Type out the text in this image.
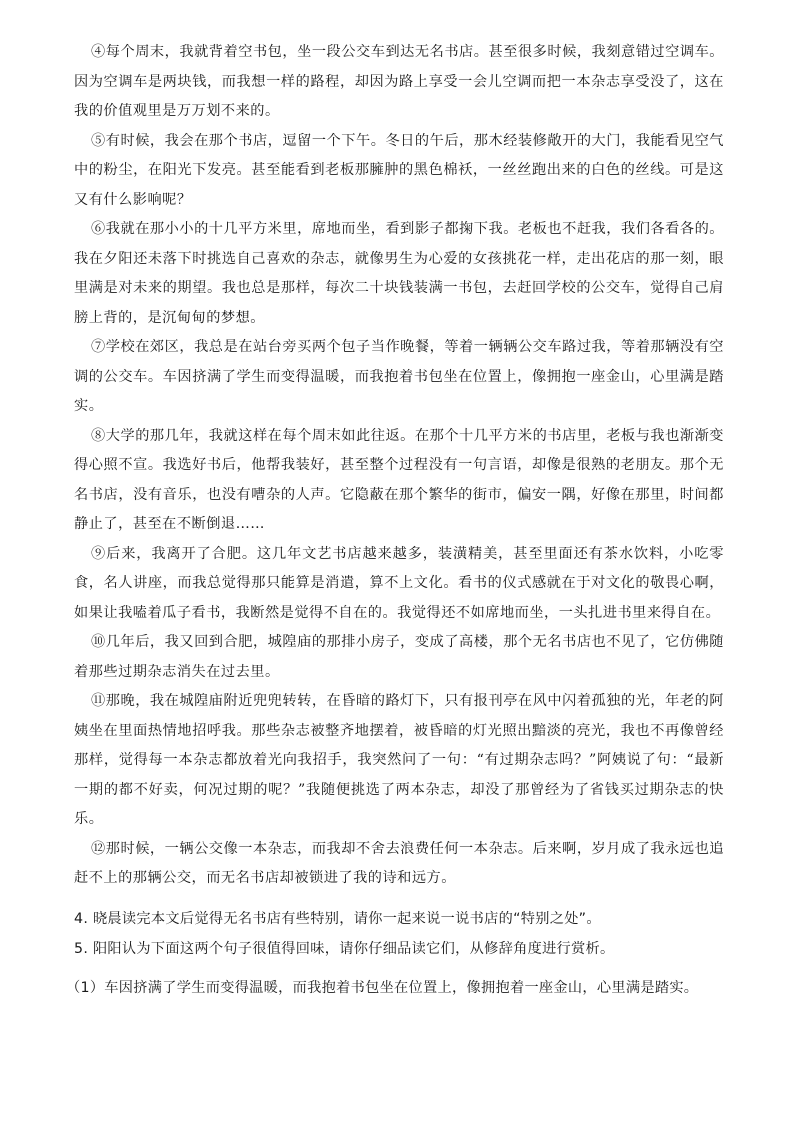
④每个周末，我就背着空书包，坐一段公交车到达无名书店。甚至很多时候，我刻意错过空调车。因为空调车是两块钱，而我想一样的路程，却因为路上享受一会儿空调而把一本杂志享受没了，这在我的价值观里是万万划不来的。

⑤有时候，我会在那个书店，逗留一个下午。冬日的午后，那木经装修敞开的大门，我能看见空气中的粉尘，在阳光下发亮。甚至能看到老板那臃肿的黑色棉袄，一丝丝跑出来的白色的丝线。可是这又有什么影响呢？

⑥我就在那小小的十几平方米里，席地而坐，看到影子都掬下我。老板也不赶我，我们各看各的。我在夕阳还未落下时挑选自己喜欢的杂志，就像男生为心爱的女孩挑花一样，走出花店的那一刻，眼里满是对未来的期望。我也总是那样，每次二十块钱装满一书包，去赶回学校的公交车，觉得自己肩膀上背的，是沉甸甸的梦想。

⑦学校在郊区，我总是在站台旁买两个包子当作晚餐，等着一辆辆公交车路过我，等着那辆没有空调的公交车。车因挤满了学生而变得温暖，而我抱着书包坐在位置上，像拥抱一座金山，心里满是踏实。

⑧大学的那几年，我就这样在每个周末如此往返。在那个十几平方米的书店里，老板与我也渐渐变得心照不宣。我选好书后，他帮我装好，甚至整个过程没有一句言语，却像是很熟的老朋友。那个无名书店，没有音乐，也没有嘈杂的人声。它隐蔽在那个繁华的街市，偏安一隅，好像在那里，时间都静止了，甚至在不断倒退……

⑨后来，我离开了合肥。这几年文艺书店越来越多，装潢精美，甚至里面还有茶水饮料，小吃零食，名人讲座，而我总觉得那只能算是消遣，算不上文化。看书的仪式感就在于对文化的敬畏心啊，如果让我嗑着瓜子看书，我断然是觉得不自在的。我觉得还不如席地而坐，一头扎进书里来得自在。

⑩几年后，我又回到合肥，城隍庙的那排小房子，变成了高楼，那个无名书店也不见了，它仿佛随着那些过期杂志消失在过去里。

⑪那晚，我在城隍庙附近兜兜转转，在昏暗的路灯下，只有报刊亭在风中闪着孤独的光，年老的阿姨坐在里面热情地招呼我。那些杂志被整齐地摆着，被昏暗的灯光照出黯淡的亮光，我也不再像曾经那样，觉得每一本杂志都放着光向我招手，我突然问了一句：“有过期杂志吗？”阿姨说了句：“最新一期的都不好卖，何况过期的呢？”我随便挑选了两本杂志，却没了那曾经为了省钱买过期杂志的快乐。

⑫那时候，一辆公交像一本杂志，而我却不舍去浪费任何一本杂志。后来啊，岁月成了我永远也追赶不上的那辆公交，而无名书店却被锁进了我的诗和远方。

4. 晓晨读完本文后觉得无名书店有些特别，请你一起来说一说书店的“特别之处”。

5. 阳阳认为下面这两个句子很值得回味，请你仔细品读它们，从修辞角度进行赏析。

（1）车因挤满了学生而变得温暖，而我抱着书包坐在位置上，像拥抱着一座金山，心里满是踏实。
